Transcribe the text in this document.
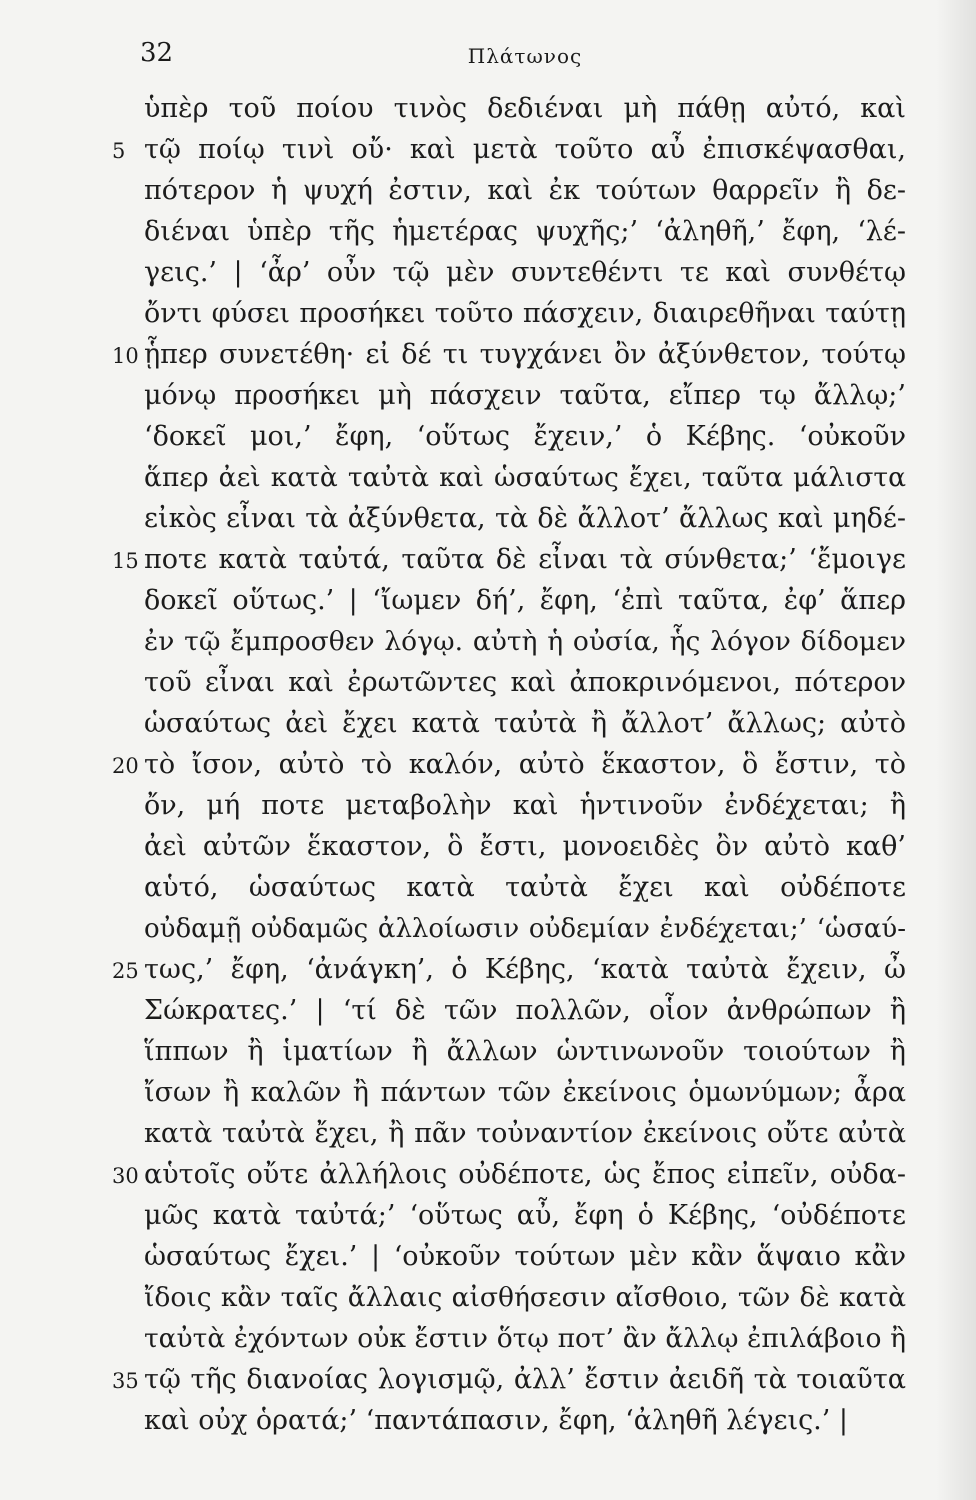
32	Πλάτωνος
ὑπὲρ τοῦ ποίου τινὸς δεδιέναι μὴ πάθῃ αὐτό, καὶ
5 τῷ ποίῳ τινὶ οὔ· καὶ μετὰ τοῦτο αὖ ἐπισκέψασθαι,
πότερον ἡ ψυχή ἐστιν, καὶ ἐκ τούτων θαρρεῖν ἢ δε-
διέναι ὑπὲρ τῆς ἡμετέρας ψυχῆς;’ ‘ἀληθῆ,’ ἔφη, ‘λέ-
γεις.’ | ‘ἆρ’ οὖν τῷ μὲν συντεθέντι τε καὶ συνθέτῳ
ὄντι φύσει προσήκει τοῦτο πάσχειν, διαιρεθῆναι ταύτῃ
10 ᾗπερ συνετέθη· εἰ δέ τι τυγχάνει ὂν ἀξύνθετον, τούτῳ
μόνῳ προσήκει μὴ πάσχειν ταῦτα, εἴπερ τῳ ἄλλῳ;’
‘δοκεῖ μοι,’ ἔφη, ‘οὕτως ἔχειν,’ ὁ Κέβης. ‘οὐκοῦν
ἅπερ ἀεὶ κατὰ ταὐτὰ καὶ ὡσαύτως ἔχει, ταῦτα μάλιστα
εἰκὸς εἶναι τὰ ἀξύνθετα, τὰ δὲ ἄλλοτ’ ἄλλως καὶ μηδέ-
15 ποτε κατὰ ταὐτά, ταῦτα δὲ εἶναι τὰ σύνθετα;’ ‘ἔμοιγε
δοκεῖ οὕτως.’ | ‘ἴωμεν δή’, ἔφη, ‘ἐπὶ ταῦτα, ἐφ’ ἅπερ
ἐν τῷ ἔμπροσθεν λόγῳ. αὐτὴ ἡ οὐσία, ἧς λόγον δίδομεν
τοῦ εἶναι καὶ ἐρωτῶντες καὶ ἀποκρινόμενοι, πότερον
ὡσαύτως ἀεὶ ἔχει κατὰ ταὐτὰ ἢ ἄλλοτ’ ἄλλως; αὐτὸ
20 τὸ ἴσον, αὐτὸ τὸ καλόν, αὐτὸ ἕκαστον, ὃ ἔστιν, τὸ
ὄν, μή ποτε μεταβολὴν καὶ ἡντινοῦν ἐνδέχεται; ἢ
ἀεὶ αὐτῶν ἕκαστον, ὃ ἔστι, μονοειδὲς ὂν αὐτὸ καθ’
αὑτό, ὡσαύτως κατὰ ταὐτὰ ἔχει καὶ οὐδέποτε
οὐδαμῇ οὐδαμῶς ἀλλοίωσιν οὐδεμίαν ἐνδέχεται;’ ‘ὡσαύ-
25 τως,’ ἔφη, ‘ἀνάγκη’, ὁ Κέβης, ‘κατὰ ταὐτὰ ἔχειν, ὦ
Σώκρατες.’ | ‘τί δὲ τῶν πολλῶν, οἷον ἀνθρώπων ἢ
ἵππων ἢ ἱματίων ἢ ἄλλων ὡντινωνοῦν τοιούτων ἢ
ἴσων ἢ καλῶν ἢ πάντων τῶν ἐκείνοις ὁμωνύμων; ἆρα
κατὰ ταὐτὰ ἔχει, ἢ πᾶν τοὐναντίον ἐκείνοις οὔτε αὐτὰ
30 αὑτοῖς οὔτε ἀλλήλοις οὐδέποτε, ὡς ἔπος εἰπεῖν, οὐδα-
μῶς κατὰ ταὐτά;’ ‘οὕτως αὖ, ἔφη ὁ Κέβης, ‘οὐδέποτε
ὡσαύτως ἔχει.’ | ‘οὐκοῦν τούτων μὲν κἂν ἅψαιο κἂν
ἴδοις κἂν ταῖς ἄλλαις αἰσθήσεσιν αἴσθοιο, τῶν δὲ κατὰ
ταὐτὰ ἐχόντων οὐκ ἔστιν ὅτῳ ποτ’ ἂν ἄλλῳ ἐπιλάβοιο ἢ
35 τῷ τῆς διανοίας λογισμῷ, ἀλλ’ ἔστιν ἀειδῆ τὰ τοιαῦτα
καὶ οὐχ ὁρατά;’ ‘παντάπασιν, ἔφη, ‘ἀληθῆ λέγεις.’ |
